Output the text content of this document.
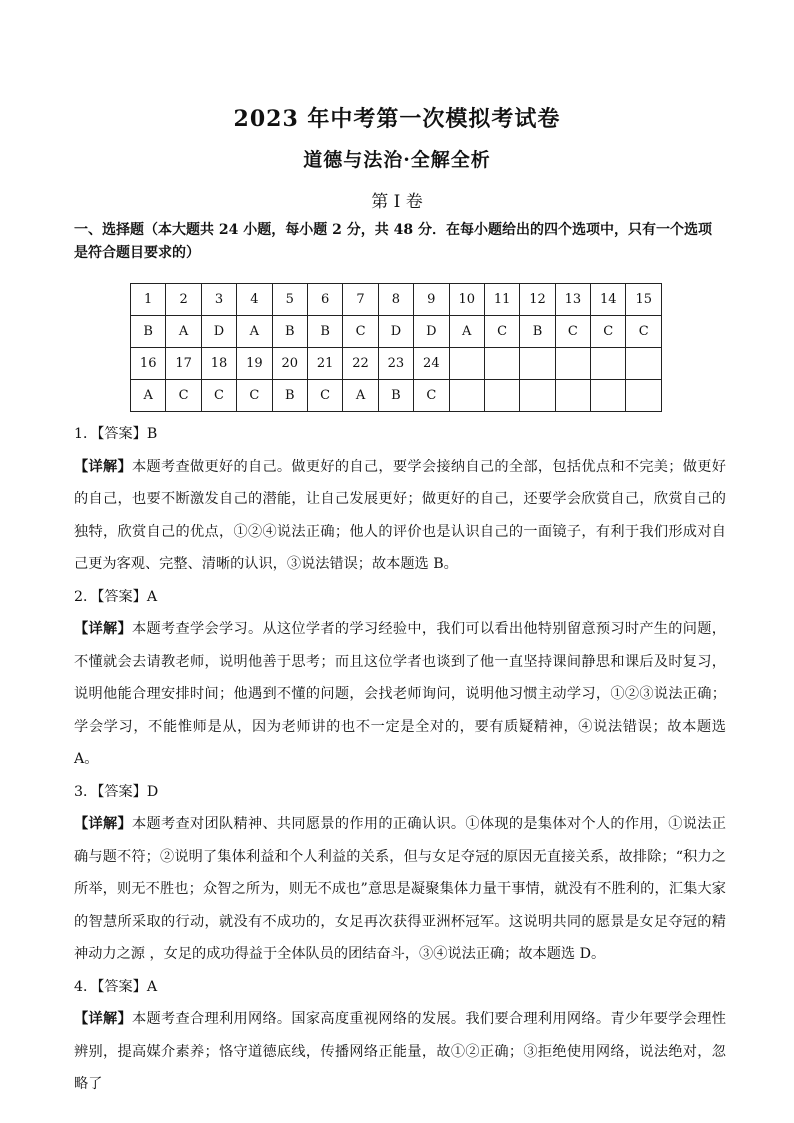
2023 年中考第一次模拟考试卷
道德与法治·全解全析
第 I 卷
一、选择题（本大题共 24 小题，每小题 2 分，共 48 分．在每小题给出的四个选项中，只有一个选项是符合题目要求的）
1	2	3	4	5	6	7	8	9	10	11	12	13	14	15
B	A	D	A	B	B	C	D	D	A	C	B	C	C	C
16	17	18	19	20	21	22	23	24						
A	C	C	C	B	C	A	B	C						

1．【答案】B

【详解】本题考查做更好的自己。做更好的自己，要学会接纳自己的全部，包括优点和不完美；做更好的自己，也要不断激发自己的潜能，让自己发展更好；做更好的自己，还要学会欣赏自己，欣赏自己的独特，欣赏自己的优点，①②④说法正确；他人的评价也是认识自己的一面镜子，有利于我们形成对自己更为客观、完整、清晰的认识，③说法错误；故本题选 B。

2．【答案】A

【详解】本题考查学会学习。从这位学者的学习经验中，我们可以看出他特别留意预习时产生的问题，不懂就会去请教老师，说明他善于思考；而且这位学者也谈到了他一直坚持课间静思和课后及时复习，说明他能合理安排时间；他遇到不懂的问题，会找老师询问，说明他习惯主动学习，①②③说法正确；学会学习，不能惟师是从，因为老师讲的也不一定是全对的，要有质疑精神，④说法错误；故本题选 A。

3．【答案】D

【详解】本题考查对团队精神、共同愿景的作用的正确认识。①体现的是集体对个人的作用，①说法正确与题不符；②说明了集体利益和个人利益的关系，但与女足夺冠的原因无直接关系，故排除；“积力之所举，则无不胜也；众智之所为，则无不成也”意思是凝聚集体力量干事情，就没有不胜利的，汇集大家的智慧所采取的行动，就没有不成功的，女足再次获得亚洲杯冠军。这说明共同的愿景是女足夺冠的精神动力之源 ，女足的成功得益于全体队员的团结奋斗，③④说法正确；故本题选 D。

4．【答案】A

【详解】本题考查合理利用网络。国家高度重视网络的发展。我们要合理利用网络。青少年要学会理性辨别，提高媒介素养；恪守道德底线，传播网络正能量，故①②正确；③拒绝使用网络，说法绝对，忽略了
